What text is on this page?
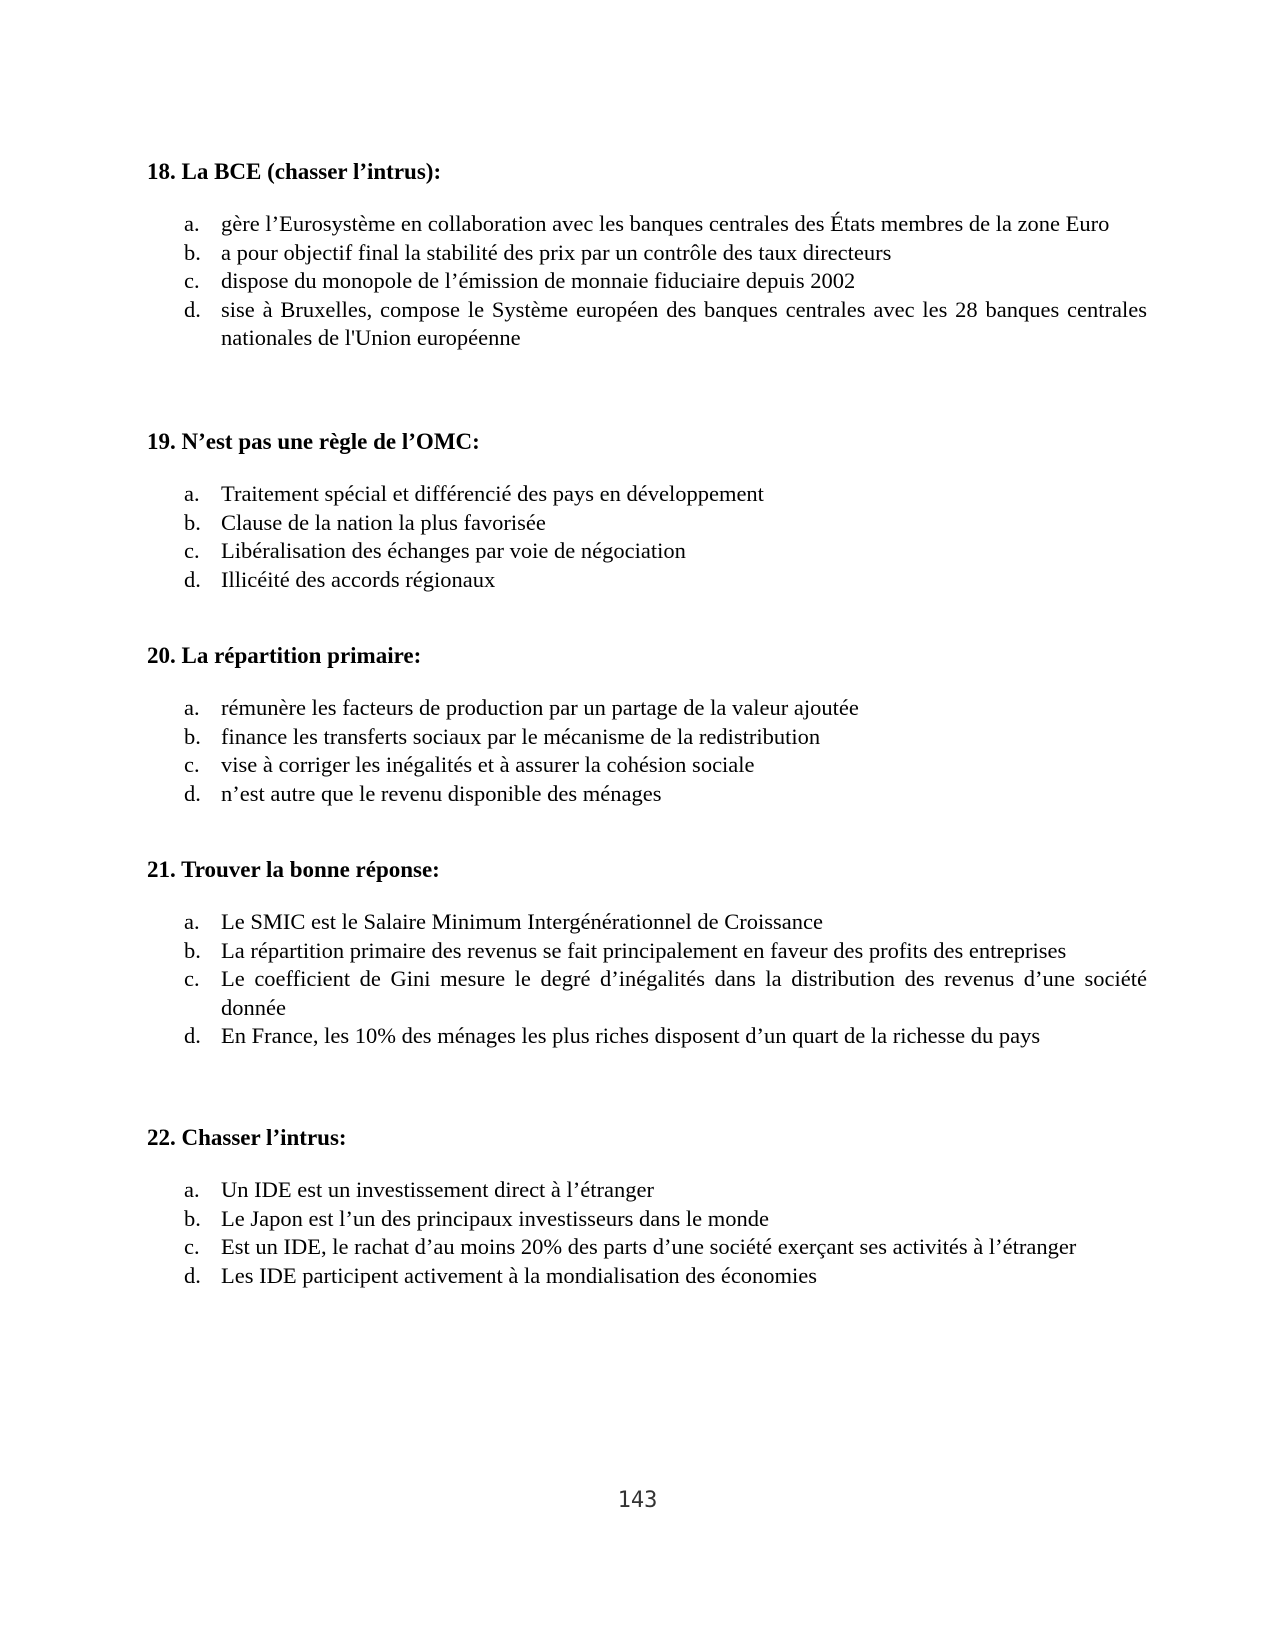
18. La BCE (chasser l’intrus):
a. gère l’Eurosystème en collaboration avec les banques centrales des États membres de la zone Euro
b. a pour objectif final la stabilité des prix par un contrôle des taux directeurs
c. dispose du monopole de l’émission de monnaie fiduciaire depuis 2002
d. sise à Bruxelles, compose le Système européen des banques centrales avec les 28 banques centrales nationales de l'Union européenne
19. N’est pas une règle de l’OMC:
a. Traitement spécial et différencié des pays en développement
b. Clause de la nation la plus favorisée
c. Libéralisation des échanges par voie de négociation
d. Illicéité des accords régionaux
20. La répartition primaire:
a. rémunère les facteurs de production par un partage de la valeur ajoutée
b. finance les transferts sociaux par le mécanisme de la redistribution
c. vise à corriger les inégalités et à assurer la cohésion sociale
d. n’est autre que le revenu disponible des ménages
21. Trouver la bonne réponse:
a. Le SMIC est le Salaire Minimum Intergénérationnel de Croissance
b. La répartition primaire des revenus se fait principalement en faveur des profits des entreprises
c. Le coefficient de Gini mesure le degré d’inégalités dans la distribution des revenus d’une société donnée
d. En France, les 10% des ménages les plus riches disposent d’un quart de la richesse du pays
22. Chasser l’intrus:
a. Un IDE est un investissement direct à l’étranger
b. Le Japon est l’un des principaux investisseurs dans le monde
c. Est un IDE, le rachat d’au moins 20% des parts d’une société exerçant ses activités à l’étranger
d. Les IDE participent activement à la mondialisation des économies
143
